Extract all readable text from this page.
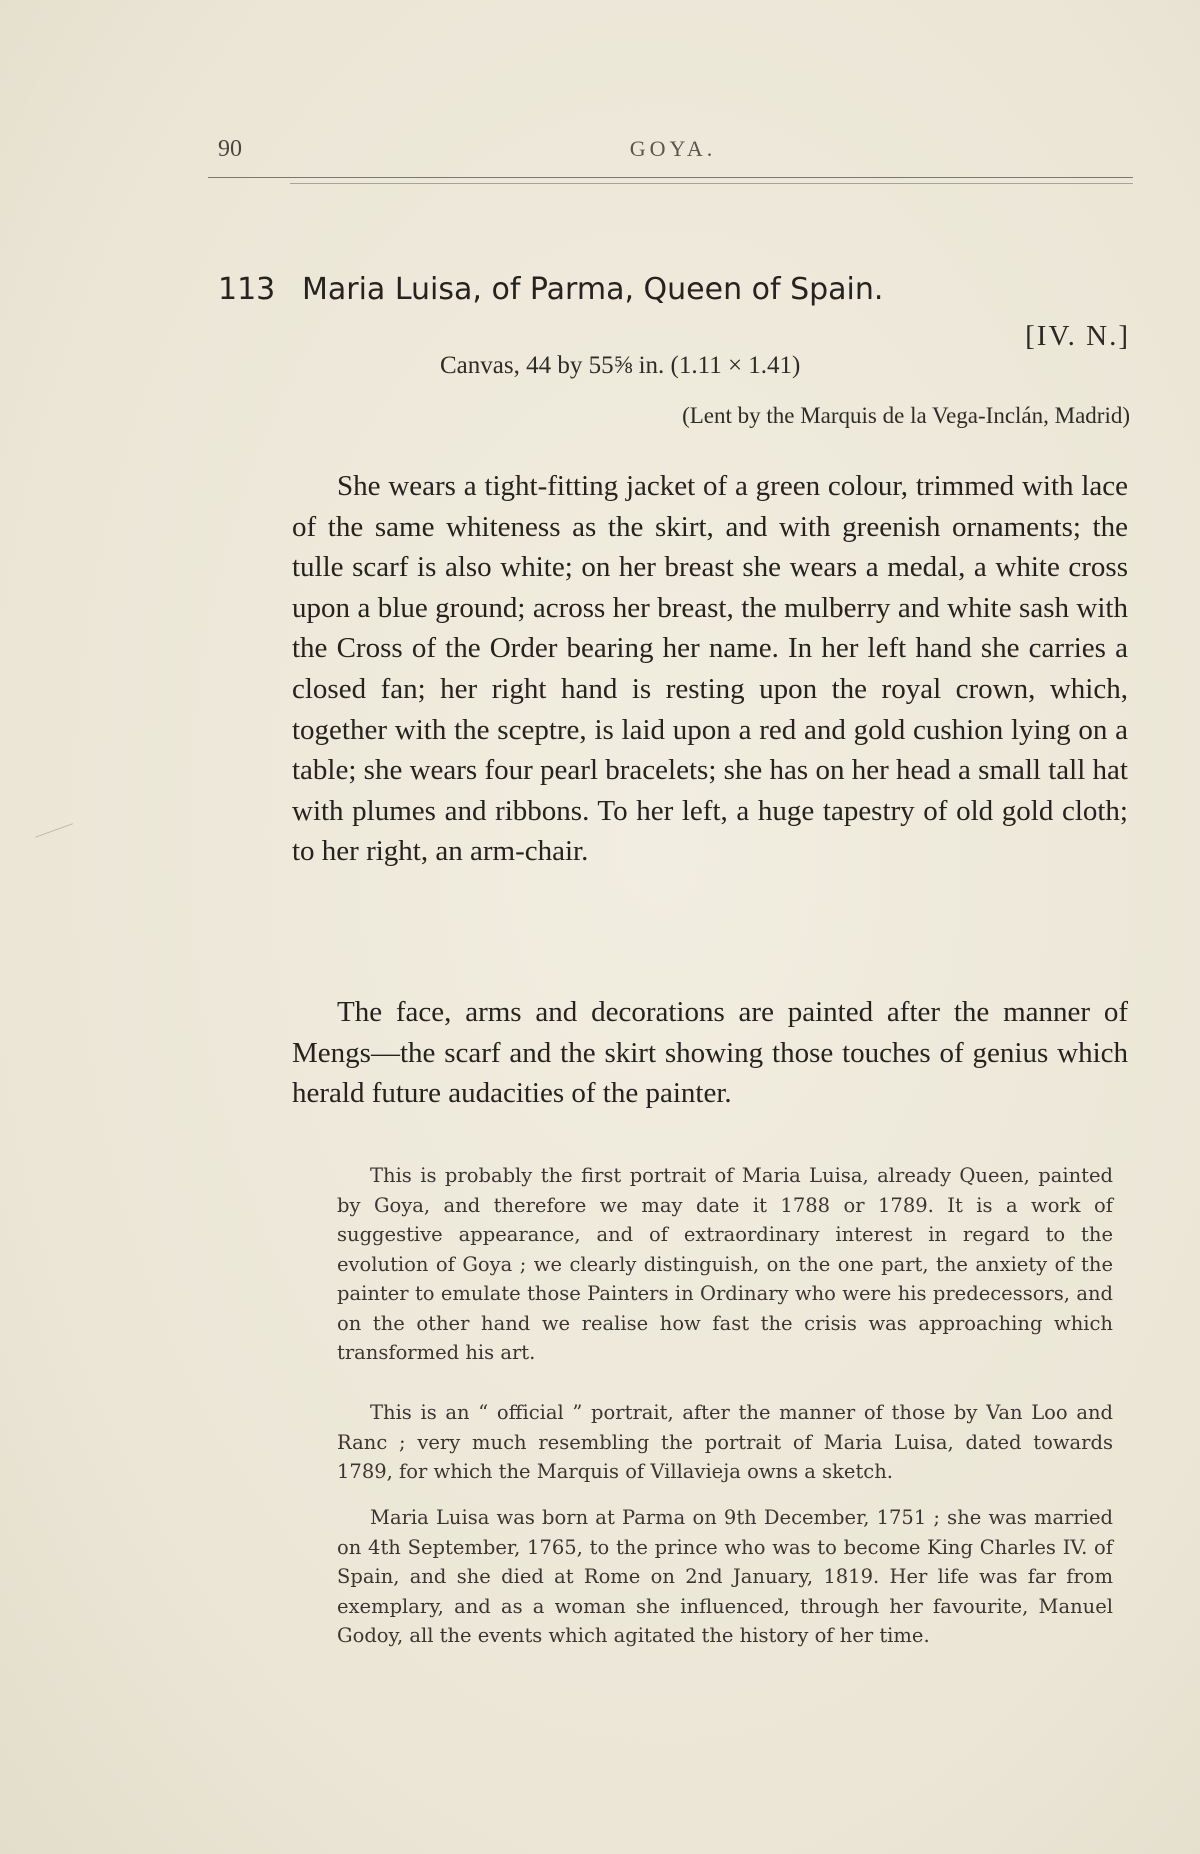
90	GOYA.
113 Maria Luisa, of Parma, Queen of Spain.
[IV. N.]
Canvas, 44 by 55⅝ in. (1.11 × 1.41)
(Lent by the Marquis de la Vega-Inclán, Madrid)

She wears a tight-fitting jacket of a green colour, trimmed with lace of the same whiteness as the skirt, and with greenish ornaments; the tulle scarf is also white; on her breast she wears a medal, a white cross upon a blue ground; across her breast, the mulberry and white sash with the Cross of the Order bearing her name. In her left hand she carries a closed fan; her right hand is resting upon the royal crown, which, together with the sceptre, is laid upon a red and gold cushion lying on a table; she wears four pearl bracelets; she has on her head a small tall hat with plumes and ribbons. To her left, a huge tapestry of old gold cloth; to her right, an arm-chair.

The face, arms and decorations are painted after the manner of Mengs—the scarf and the skirt showing those touches of genius which herald future audacities of the painter.

This is probably the first portrait of Maria Luisa, already Queen, painted by Goya, and therefore we may date it 1788 or 1789. It is a work of suggestive appearance, and of extraordinary interest in regard to the evolution of Goya ; we clearly distinguish, on the one part, the anxiety of the painter to emulate those Painters in Ordinary who were his predecessors, and on the other hand we realise how fast the crisis was approaching which transformed his art.

This is an “ official ” portrait, after the manner of those by Van Loo and Ranc ; very much resembling the portrait of Maria Luisa, dated towards 1789, for which the Marquis of Villavieja owns a sketch.

Maria Luisa was born at Parma on 9th December, 1751 ; she was married on 4th September, 1765, to the prince who was to become King Charles IV. of Spain, and she died at Rome on 2nd January, 1819. Her life was far from exemplary, and as a woman she influenced, through her favourite, Manuel Godoy, all the events which agitated the history of her time.
